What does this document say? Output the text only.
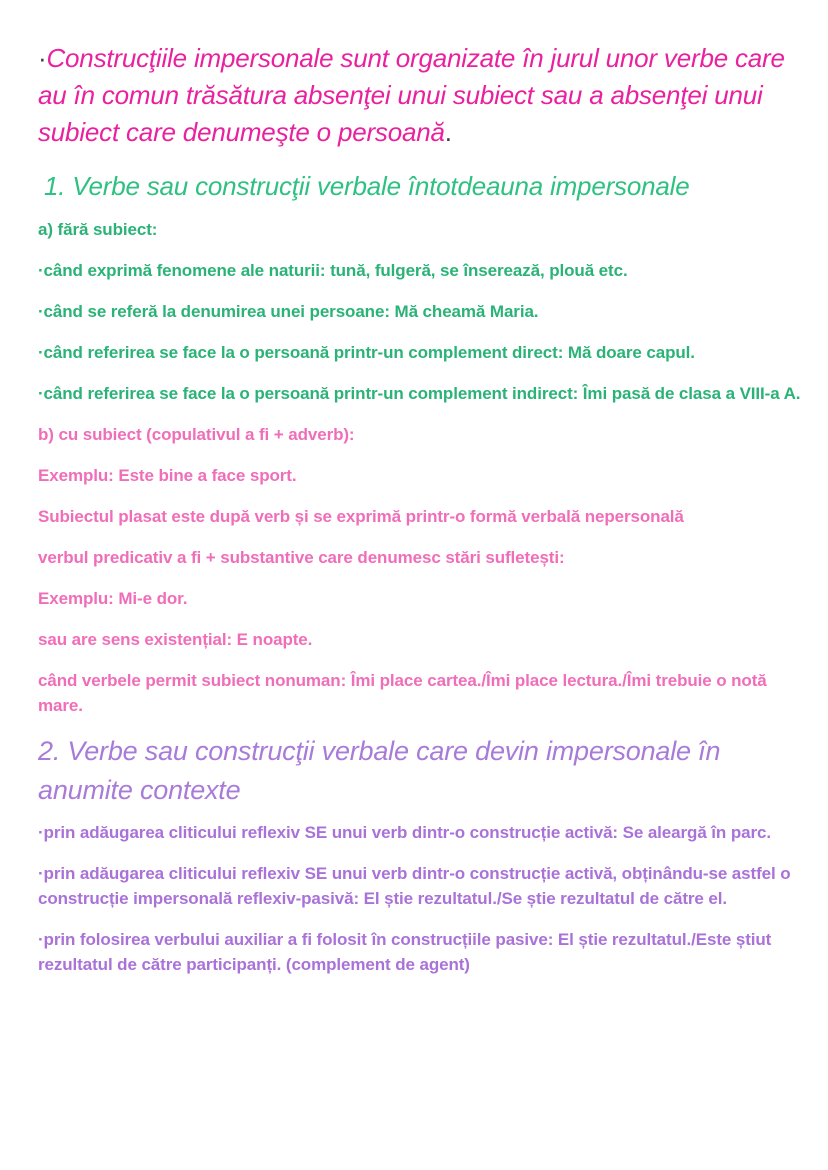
·Construcţiile impersonale sunt organizate în jurul unor verbe care au în comun trăsătura absenţei unui subiect sau a absenţei unui subiect care denumeşte o persoană.

1. Verbe sau construcţii verbale întotdeauna impersonale

a) fără subiect:

·când exprimă fenomene ale naturii: tună, fulgeră, se înserează, plouă etc.

·când se referă la denumirea unei persoane: Mă cheamă Maria.

·când referirea se face la o persoană printr-un complement direct: Mă doare capul.

·când referirea se face la o persoană printr-un complement indirect: Îmi pasă de clasa a VIII-a A.

b) cu subiect (copulativul a fi + adverb):

Exemplu: Este bine a face sport.

Subiectul plasat este după verb și se exprimă printr-o formă verbală nepersonală

verbul predicativ a fi + substantive care denumesc stări sufletești:

Exemplu: Mi-e dor.

sau are sens existențial: E noapte.

când verbele permit subiect nonuman: Îmi place cartea./Îmi place lectura./Îmi trebuie o notă mare.

2. Verbe sau construcţii verbale care devin impersonale în anumite contexte

·prin adăugarea cliticului reflexiv SE unui verb dintr-o construcție activă: Se aleargă în parc.

·prin adăugarea cliticului reflexiv SE unui verb dintr-o construcție activă, obținându-se astfel o construcție impersonală reflexiv-pasivă: El știe rezultatul./Se știe rezultatul de către el.

·prin folosirea verbului auxiliar a fi folosit în construcțiile pasive: El știe rezultatul./Este știut rezultatul de către participanți. (complement de agent)
